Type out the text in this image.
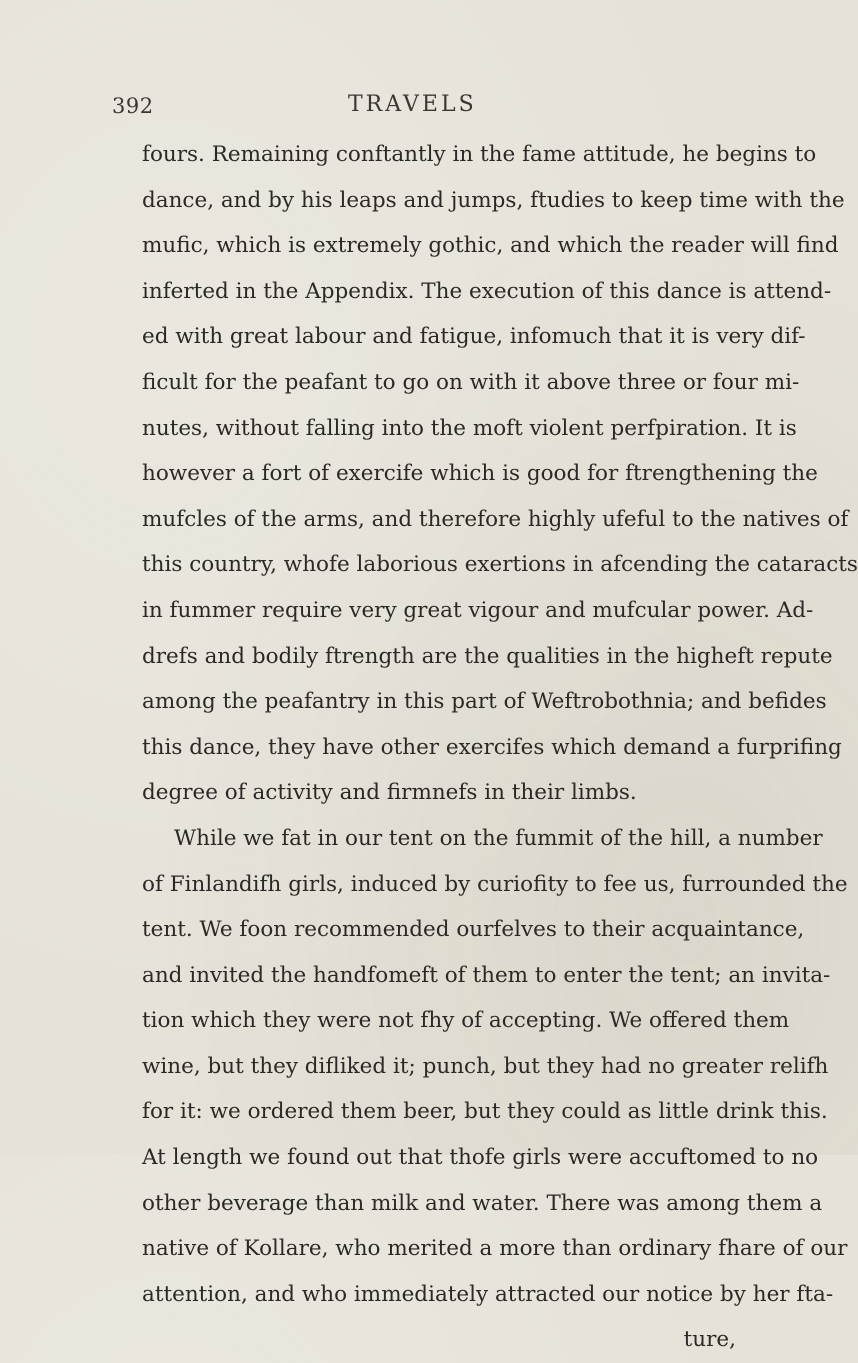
392	TRAVELS
fours. Remaining conftantly in the fame attitude, he begins to
dance, and by his leaps and jumps, ftudies to keep time with the
mufic, which is extremely gothic, and which the reader will find
inferted in the Appendix. The execution of this dance is attend-
ed with great labour and fatigue, infomuch that it is very dif-
ficult for the peafant to go on with it above three or four mi-
nutes, without falling into the moft violent perfpiration. It is
however a fort of exercife which is good for ftrengthening the
mufcles of the arms, and therefore highly ufeful to the natives of
this country, whofe laborious exertions in afcending the cataracts
in fummer require very great vigour and mufcular power. Ad-
drefs and bodily ftrength are the qualities in the higheft repute
among the peafantry in this part of Weftrobothnia; and befides
this dance, they have other exercifes which demand a furprifing
degree of activity and firmnefs in their limbs.
While we fat in our tent on the fummit of the hill, a number
of Finlandifh girls, induced by curiofity to fee us, furrounded the
tent. We foon recommended ourfelves to their acquaintance,
and invited the handfomeft of them to enter the tent; an invita-
tion which they were not fhy of accepting. We offered them
wine, but they difliked it; punch, but they had no greater relifh
for it: we ordered them beer, but they could as little drink this.
At length we found out that thofe girls were accuftomed to no
other beverage than milk and water. There was among them a
native of Kollare, who merited a more than ordinary fhare of our
attention, and who immediately attracted our notice by her fta-
ture,
